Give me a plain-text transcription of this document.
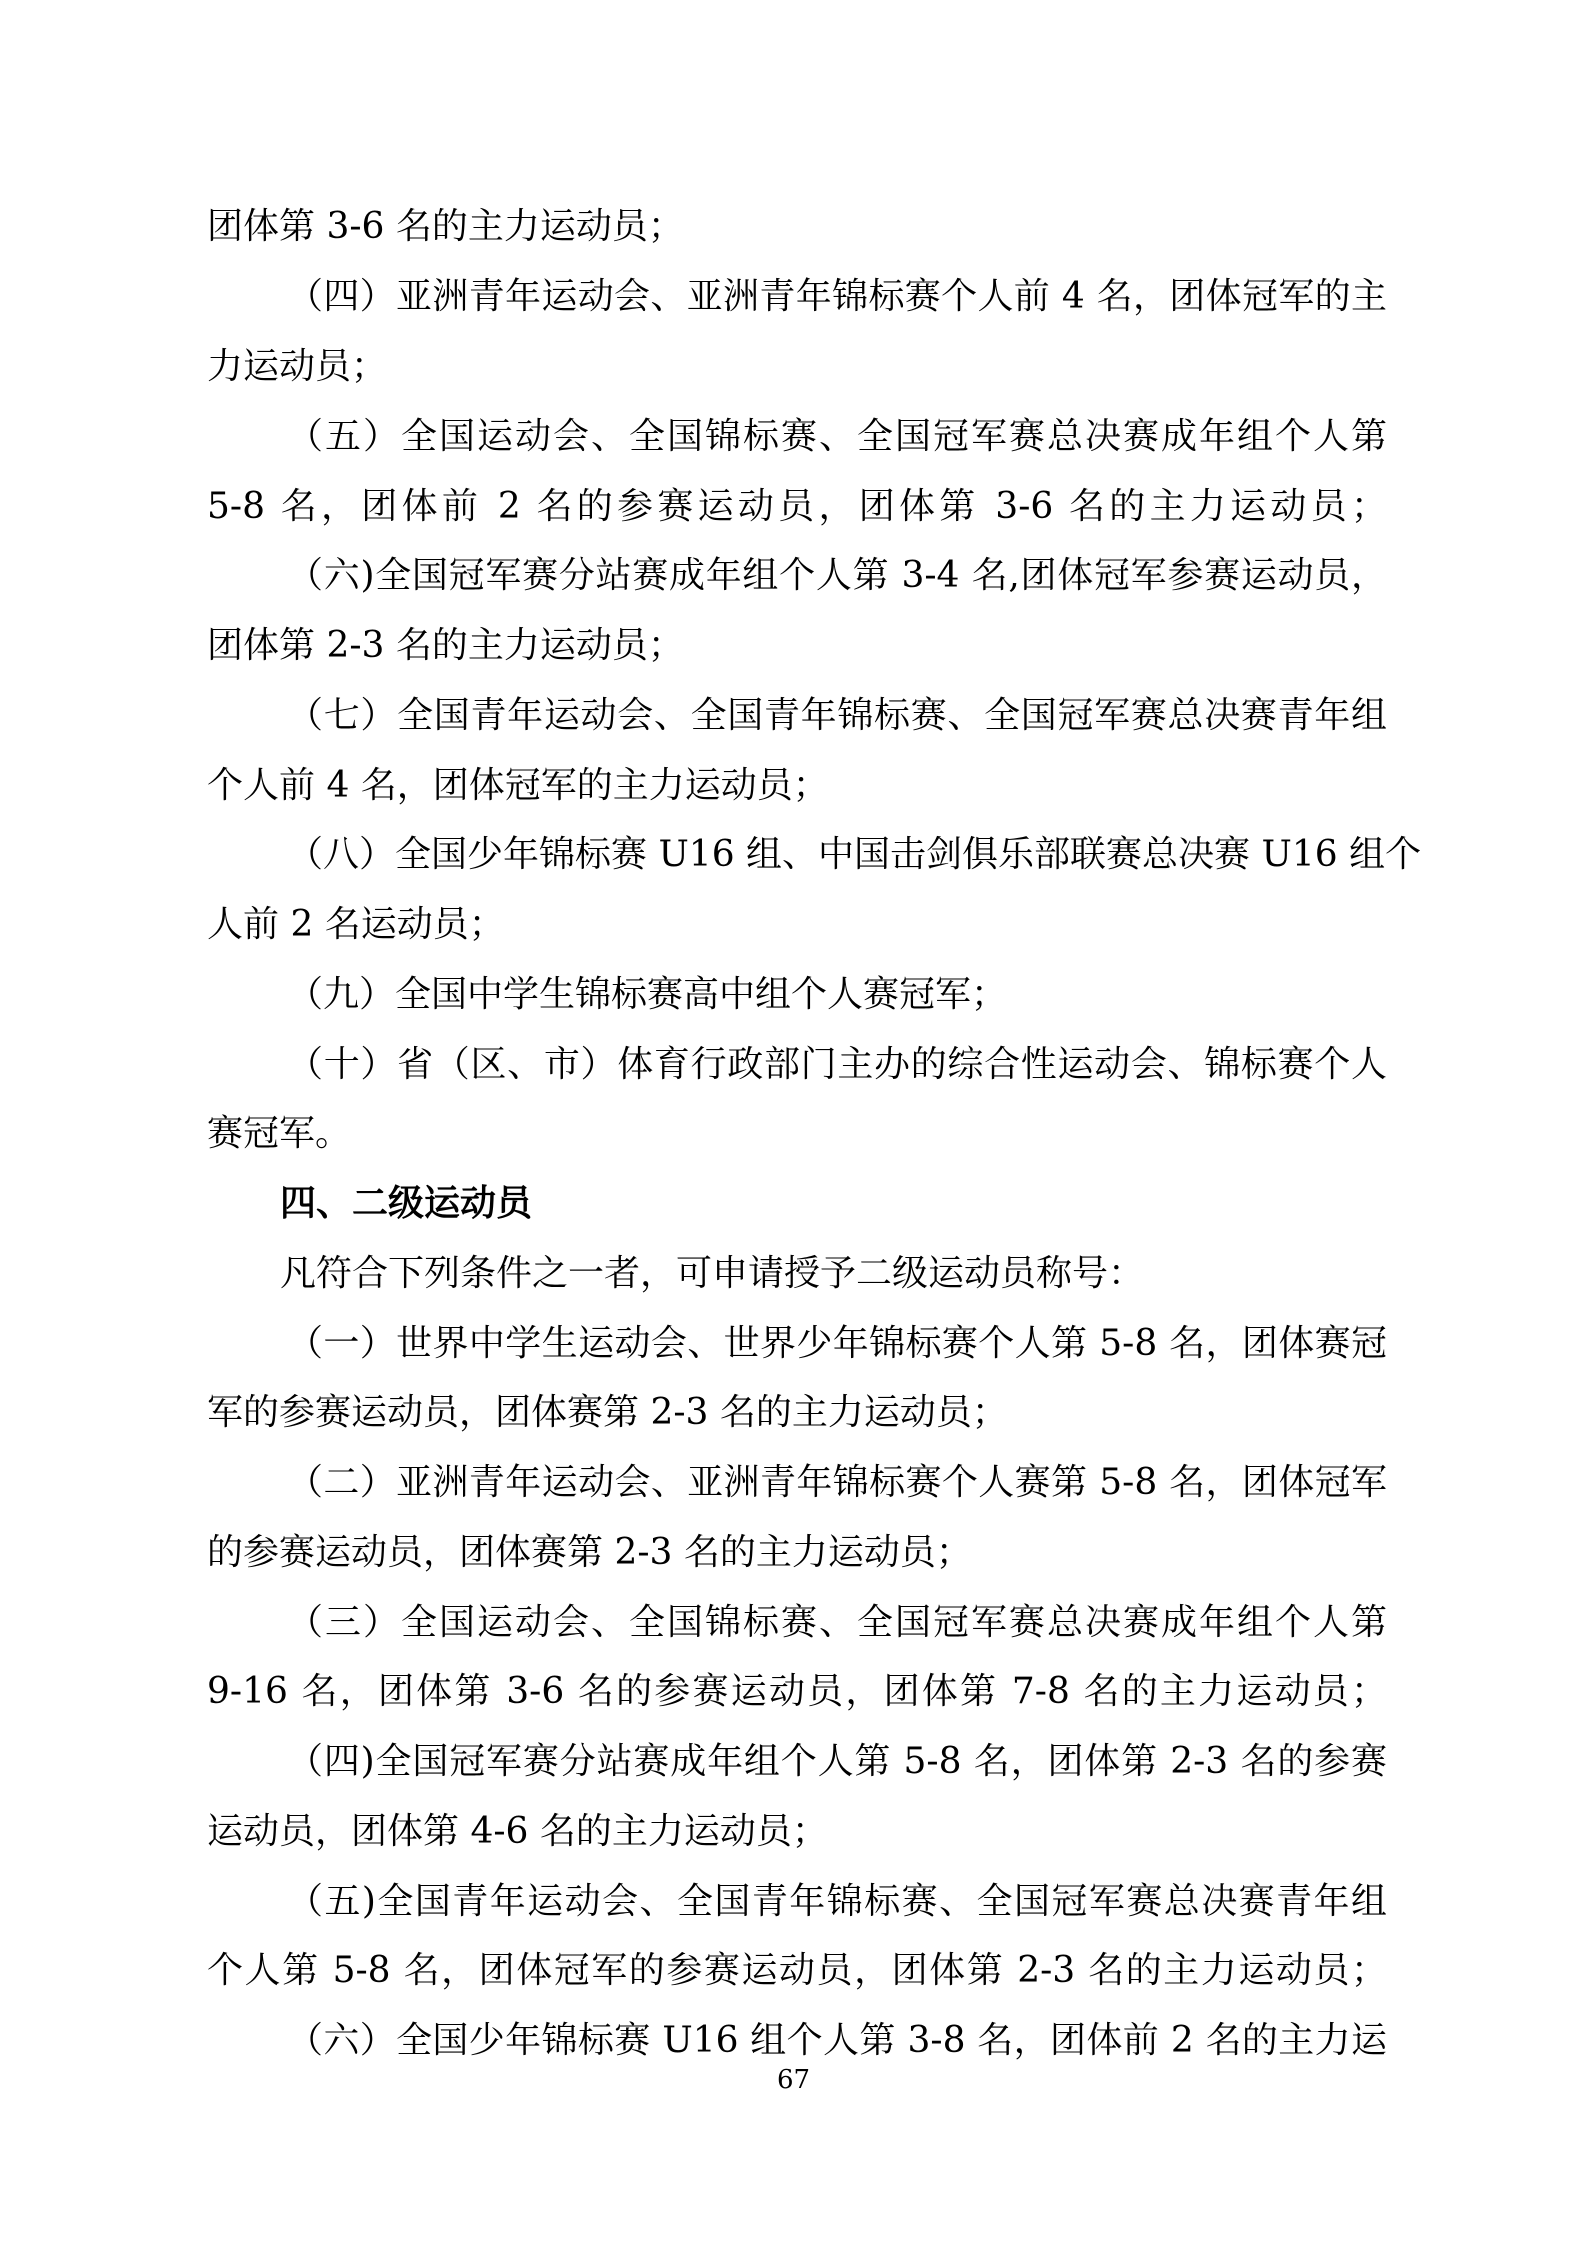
团体第 3-6 名的主力运动员；
（四）亚洲青年运动会、亚洲青年锦标赛个人前 4 名，团体冠军的主
力运动员；
（五）全国运动会、全国锦标赛、全国冠军赛总决赛成年组个人第
5-8 名，团体前 2 名的参赛运动员，团体第 3-6 名的主力运动员；
（六)全国冠军赛分站赛成年组个人第 3-4 名,团体冠军参赛运动员，
团体第 2-3 名的主力运动员；
（七）全国青年运动会、全国青年锦标赛、全国冠军赛总决赛青年组
个人前 4 名，团体冠军的主力运动员；
（八）全国少年锦标赛 U16 组、中国击剑俱乐部联赛总决赛 U16 组个
人前 2 名运动员；
（九）全国中学生锦标赛高中组个人赛冠军；
（十）省（区、市）体育行政部门主办的综合性运动会、锦标赛个人
赛冠军。
四、二级运动员
凡符合下列条件之一者，可申请授予二级运动员称号：
（一）世界中学生运动会、世界少年锦标赛个人第 5-8 名，团体赛冠
军的参赛运动员，团体赛第 2-3 名的主力运动员；
（二）亚洲青年运动会、亚洲青年锦标赛个人赛第 5-8 名，团体冠军
的参赛运动员，团体赛第 2-3 名的主力运动员；
（三）全国运动会、全国锦标赛、全国冠军赛总决赛成年组个人第
9-16 名，团体第 3-6 名的参赛运动员，团体第 7-8 名的主力运动员；
（四)全国冠军赛分站赛成年组个人第 5-8 名，团体第 2-3 名的参赛
运动员，团体第 4-6 名的主力运动员；
（五)全国青年运动会、全国青年锦标赛、全国冠军赛总决赛青年组
个人第 5-8 名，团体冠军的参赛运动员，团体第 2-3 名的主力运动员；
（六）全国少年锦标赛 U16 组个人第 3-8 名，团体前 2 名的主力运
67
